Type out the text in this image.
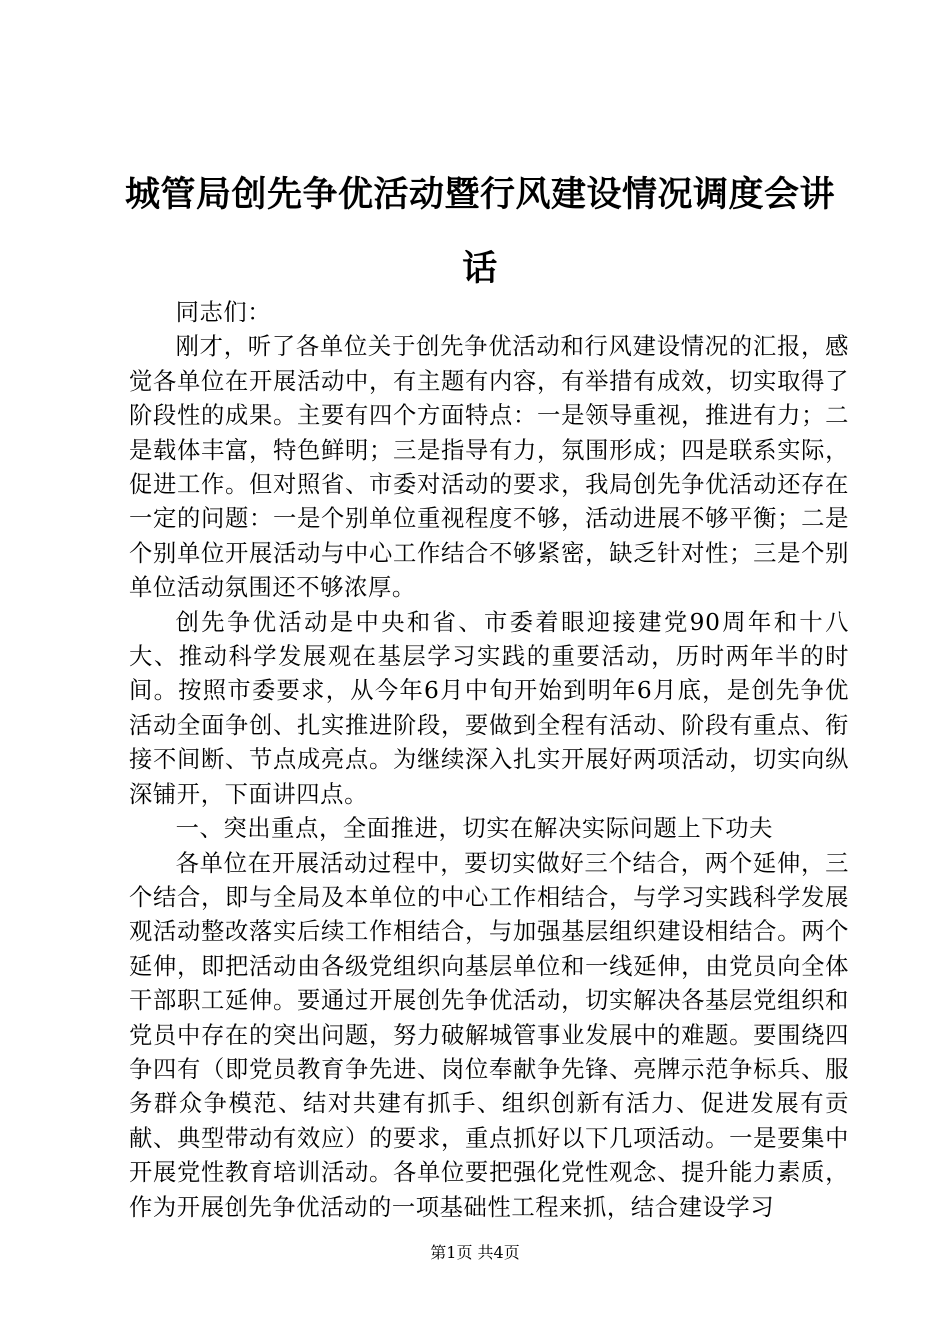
城管局创先争优活动暨行风建设情况调度会讲话

同志们：

刚才，听了各单位关于创先争优活动和行风建设情况的汇报，感觉各单位在开展活动中，有主题有内容，有举措有成效，切实取得了阶段性的成果。主要有四个方面特点：一是领导重视，推进有力；二是载体丰富，特色鲜明；三是指导有力，氛围形成；四是联系实际，促进工作。但对照省、市委对活动的要求，我局创先争优活动还存在一定的问题：一是个别单位重视程度不够，活动进展不够平衡；二是个别单位开展活动与中心工作结合不够紧密，缺乏针对性；三是个别单位活动氛围还不够浓厚。

创先争优活动是中央和省、市委着眼迎接建党90周年和十八大、推动科学发展观在基层学习实践的重要活动，历时两年半的时间。按照市委要求，从今年6月中旬开始到明年6月底，是创先争优活动全面争创、扎实推进阶段，要做到全程有活动、阶段有重点、衔接不间断、节点成亮点。为继续深入扎实开展好两项活动，切实向纵深铺开，下面讲四点。

一、突出重点，全面推进，切实在解决实际问题上下功夫

各单位在开展活动过程中，要切实做好三个结合，两个延伸，三个结合，即与全局及本单位的中心工作相结合，与学习实践科学发展观活动整改落实后续工作相结合，与加强基层组织建设相结合。两个延伸，即把活动由各级党组织向基层单位和一线延伸，由党员向全体干部职工延伸。要通过开展创先争优活动，切实解决各基层党组织和党员中存在的突出问题，努力破解城管事业发展中的难题。要围绕四争四有（即党员教育争先进、岗位奉献争先锋、亮牌示范争标兵、服务群众争模范、结对共建有抓手、组织创新有活力、促进发展有贡献、典型带动有效应）的要求，重点抓好以下几项活动。一是要集中开展党性教育培训活动。各单位要把强化党性观念、提升能力素质，作为开展创先争优活动的一项基础性工程来抓，结合建设学习

第1页 共4页
